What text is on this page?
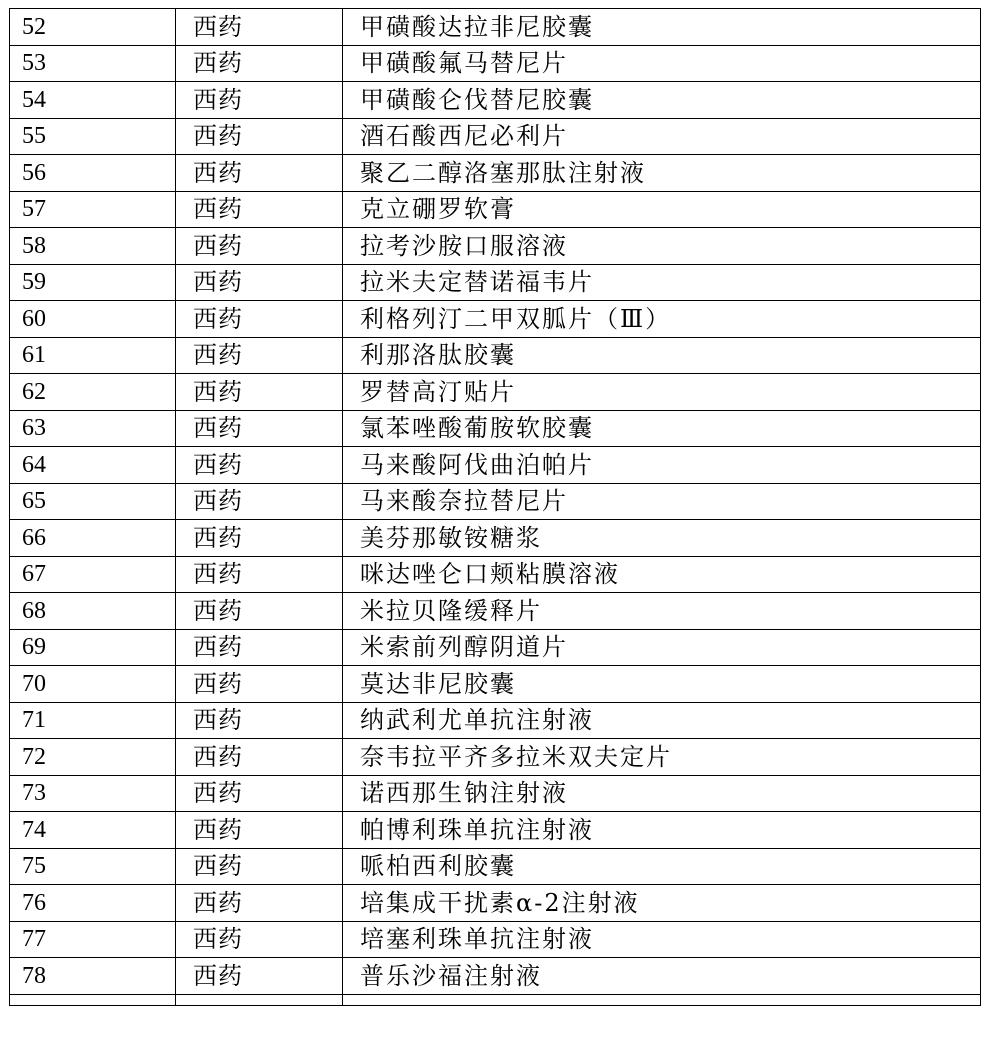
52	西药	甲磺酸达拉非尼胶囊
53	西药	甲磺酸氟马替尼片
54	西药	甲磺酸仑伐替尼胶囊
55	西药	酒石酸西尼必利片
56	西药	聚乙二醇洛塞那肽注射液
57	西药	克立硼罗软膏
58	西药	拉考沙胺口服溶液
59	西药	拉米夫定替诺福韦片
60	西药	利格列汀二甲双胍片（Ⅲ）
61	西药	利那洛肽胶囊
62	西药	罗替高汀贴片
63	西药	氯苯唑酸葡胺软胶囊
64	西药	马来酸阿伐曲泊帕片
65	西药	马来酸奈拉替尼片
66	西药	美芬那敏铵糖浆
67	西药	咪达唑仑口颊粘膜溶液
68	西药	米拉贝隆缓释片
69	西药	米索前列醇阴道片
70	西药	莫达非尼胶囊
71	西药	纳武利尤单抗注射液
72	西药	奈韦拉平齐多拉米双夫定片
73	西药	诺西那生钠注射液
74	西药	帕博利珠单抗注射液
75	西药	哌柏西利胶囊
76	西药	培集成干扰素α-2注射液
77	西药	培塞利珠单抗注射液
78	西药	普乐沙福注射液
